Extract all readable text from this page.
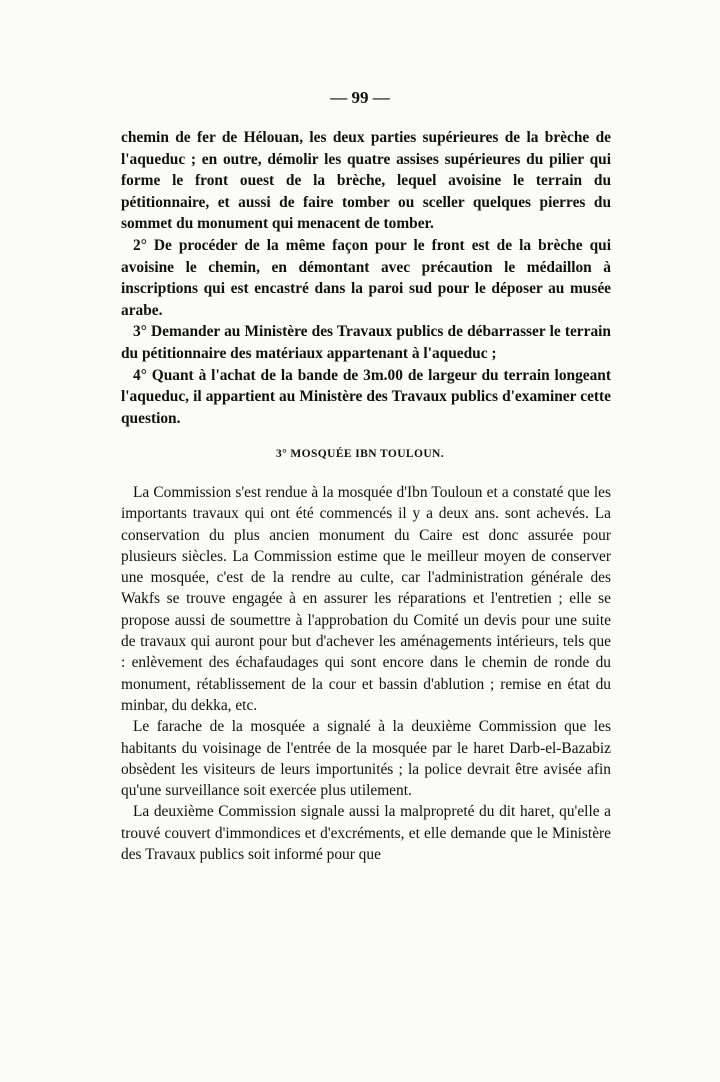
— 99 —

chemin de fer de Hélouan, les deux parties supérieures de la brèche de l'aqueduc ; en outre, démolir les quatre assises supérieures du pilier qui forme le front ouest de la brèche, lequel avoisine le terrain du pétitionnaire, et aussi de faire tomber ou sceller quelques pierres du sommet du monument qui menacent de tomber.

2° De procéder de la même façon pour le front est de la brèche qui avoisine le chemin, en démontant avec précaution le médaillon à inscriptions qui est encastré dans la paroi sud pour le déposer au musée arabe.

3° Demander au Ministère des Travaux publics de débarrasser le terrain du pétitionnaire des matériaux appartenant à l'aqueduc ;

4° Quant à l'achat de la bande de 3m.00 de largeur du terrain longeant l'aqueduc, il appartient au Ministère des Travaux publics d'examiner cette question.

3° MOSQUÉE IBN TOULOUN.

La Commission s'est rendue à la mosquée d'Ibn Touloun et a constaté que les importants travaux qui ont été commencés il y a deux ans. sont achevés. La conservation du plus ancien monument du Caire est donc assurée pour plusieurs siècles. La Commission estime que le meilleur moyen de conserver une mosquée, c'est de la rendre au culte, car l'administration générale des Wakfs se trouve engagée à en assurer les réparations et l'entretien ; elle se propose aussi de soumettre à l'approbation du Comité un devis pour une suite de travaux qui auront pour but d'achever les aménagements intérieurs, tels que : enlèvement des échafaudages qui sont encore dans le chemin de ronde du monument, rétablissement de la cour et bassin d'ablution ; remise en état du minbar, du dekka, etc.

Le farache de la mosquée a signalé à la deuxième Commission que les habitants du voisinage de l'entrée de la mosquée par le haret Darb-el-Bazabiz obsèdent les visiteurs de leurs importunités ; la police devrait être avisée afin qu'une surveillance soit exercée plus utilement.

La deuxième Commission signale aussi la malpropreté du dit haret, qu'elle a trouvé couvert d'immondices et d'excréments, et elle demande que le Ministère des Travaux publics soit informé pour que
